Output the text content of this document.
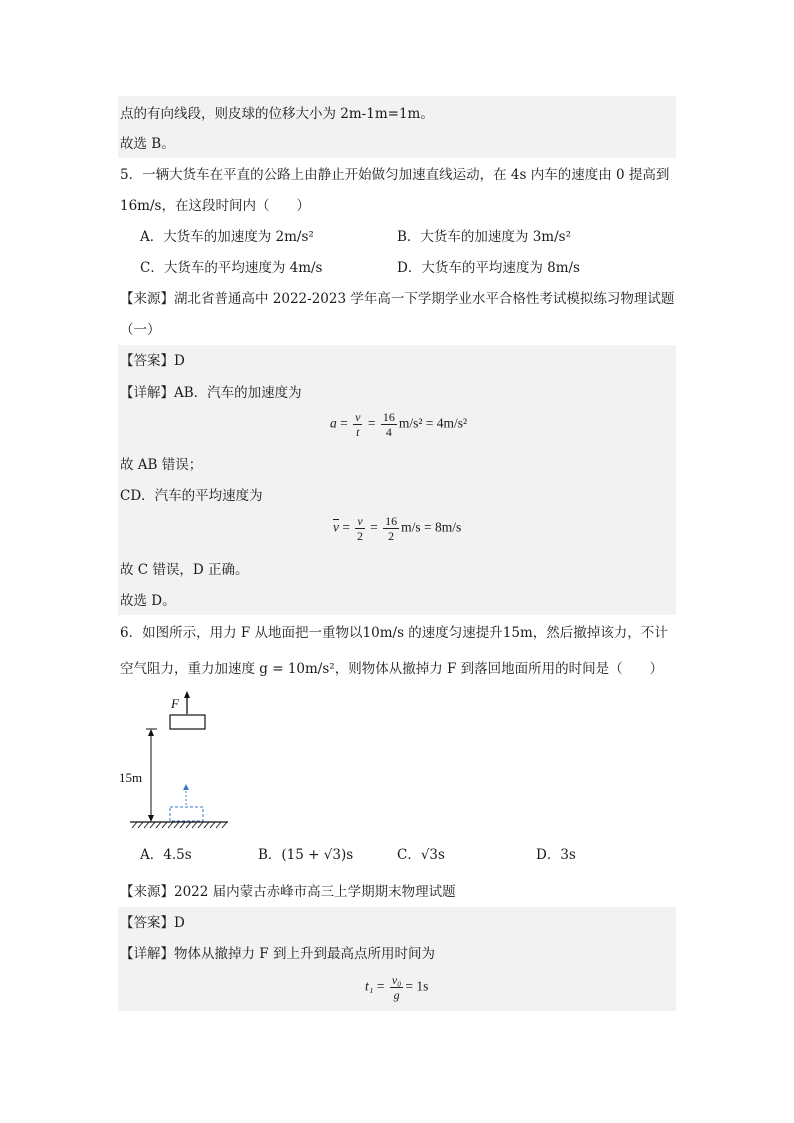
点的有向线段，则皮球的位移大小为 2m-1m=1m。
故选 B。
5．一辆大货车在平直的公路上由静止开始做匀加速直线运动，在 4s 内车的速度由 0 提高到
16m/s，在这段时间内（　　）
A．大货车的加速度为 2m/s²	B．大货车的加速度为 3m/s²
C．大货车的平均速度为 4m/s	D．大货车的平均速度为 8m/s
【来源】湖北省普通高中 2022-2023 学年高一下学期学业水平合格性考试模拟练习物理试题
（一）
【答案】D
【详解】AB．汽车的加速度为
$a = \frac{v}{t} = \frac{16}{4} m/s^2 = 4m/s^2$
故 AB 错误；
CD．汽车的平均速度为
$\overline{v} = \frac{v}{2} = \frac{16}{2} m/s = 8m/s$
故 C 错误，D 正确。
故选 D。
6．如图所示，用力 F 从地面把一重物以10m/s 的速度匀速提升15m，然后撤掉该力，不计
空气阻力，重力加速度 g = 10m/s²，则物体从撤掉力 F 到落回地面所用的时间是（　　）
F
15m
A．4.5s	B．(15 + √3)s	C．√3s	D．3s
【来源】2022 届内蒙古赤峰市高三上学期期末物理试题
【答案】D
【详解】物体从撤掉力 F 到上升到最高点所用时间为
$t_1 = \frac{\text{v₀}}{g} = 1s$
